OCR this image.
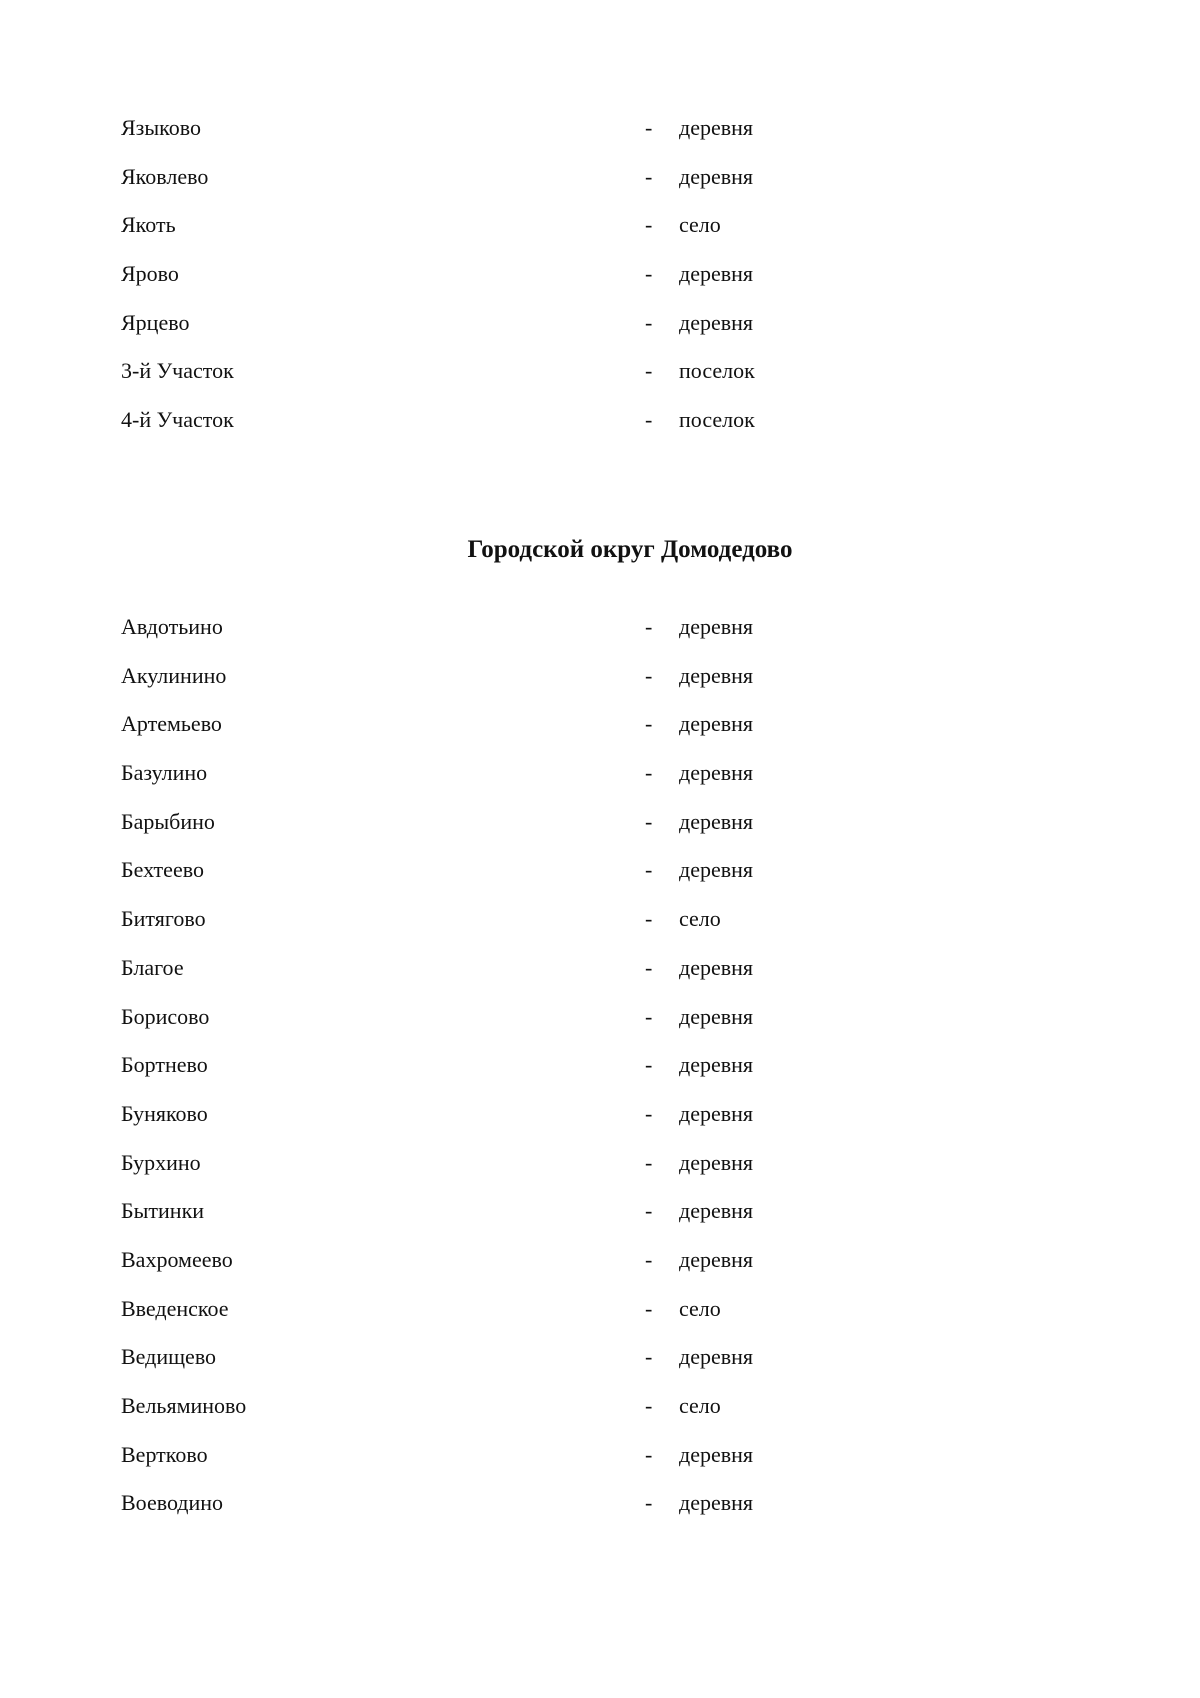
Языково	- деревня
Яковлево	- деревня
Якоть	- село
Ярово	- деревня
Ярцево	- деревня
3-й Участок	- поселок
4-й Участок	- поселок
Городской округ Домодедово
Авдотьино	- деревня
Акулинино	- деревня
Артемьево	- деревня
Базулино	- деревня
Барыбино	- деревня
Бехтеево	- деревня
Битягово	- село
Благое	- деревня
Борисово	- деревня
Бортнево	- деревня
Буняково	- деревня
Бурхино	- деревня
Бытинки	- деревня
Вахромеево	- деревня
Введенское	- село
Ведищево	- деревня
Вельяминово	- село
Вертково	- деревня
Воеводино	- деревня
